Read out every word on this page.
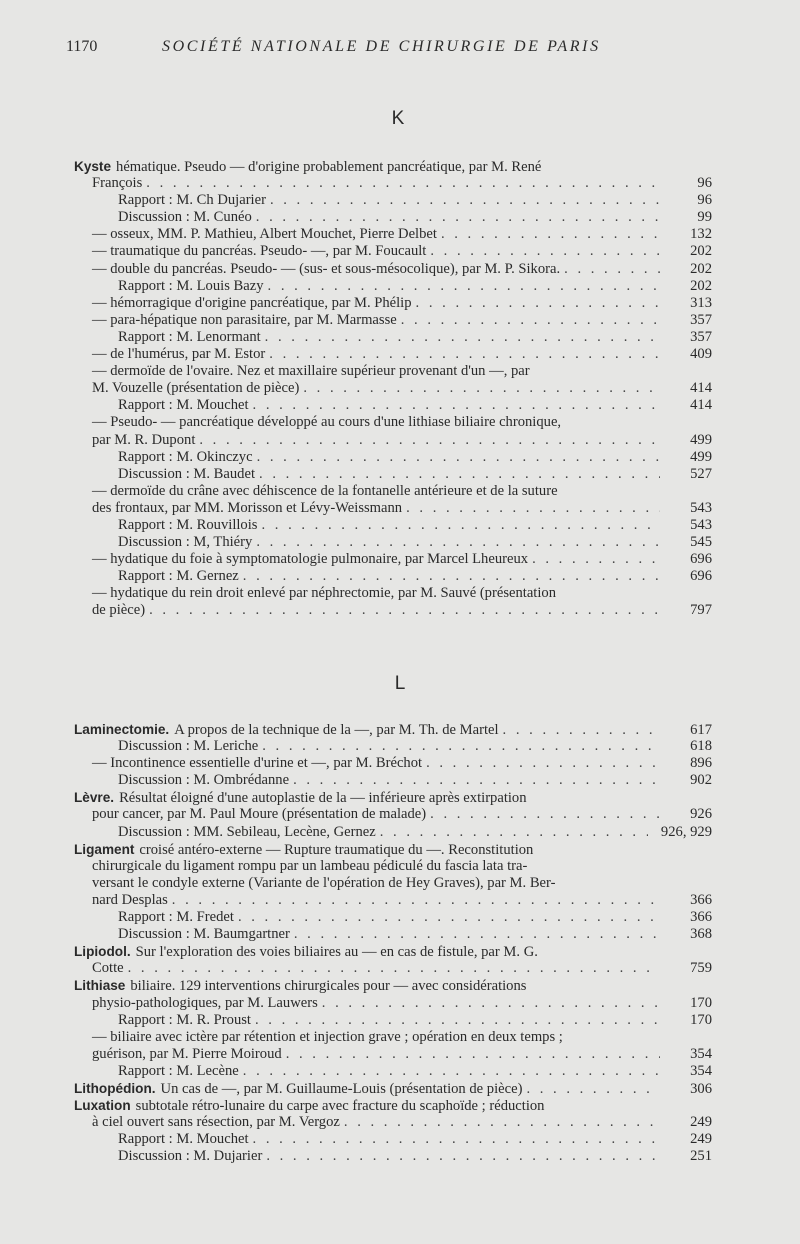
1170	SOCIÉTÉ NATIONALE DE CHIRURGIE DE PARIS
K
Kyste hématique. Pseudo — d'origine probablement pancréatique, par M. René
François . . .	96
Rapport : M. Ch Dujarier . . .	96
Discussion : M. Cunéo . . .	99
— osseux, MM. P. Mathieu, Albert Mouchet, Pierre Delbet . . .	132
— traumatique du pancréas. Pseudo- —, par M. Foucault . . .	202
— double du pancréas. Pseudo- — (sus- et sous-mésocolique), par M. P. Sikora. . . .	202
Rapport : M. Louis Bazy . . .	202
— hémorragique d'origine pancréatique, par M. Phélip . . .	313
— para-hépatique non parasitaire, par M. Marmasse . . .	357
Rapport : M. Lenormant . . .	357
— de l'humérus, par M. Estor . . .	409
— dermoïde de l'ovaire. Nez et maxillaire supérieur provenant d'un —, par
M. Vouzelle (présentation de pièce) . . .	414
Rapport : M. Mouchet . . .	414
— Pseudo- — pancréatique développé au cours d'une lithiase biliaire chronique,
par M. R. Dupont . . .	499
Rapport : M. Okinczyc . . .	499
Discussion : M. Baudet . . .	527
— dermoïde du crâne avec déhiscence de la fontanelle antérieure et de la suture
des frontaux, par MM. Morisson et Lévy-Weissmann . . .	543
Rapport : M. Rouvillois . . .	543
Discussion : M, Thiéry . . .	545
— hydatique du foie à symptomatologie pulmonaire, par Marcel Lheureux . . .	696
Rapport : M. Gernez . . .	696
— hydatique du rein droit enlevé par néphrectomie, par M. Sauvé (présentation
de pièce) . . .	797
L
Laminectomie. A propos de la technique de la —, par M. Th. de Martel . . .	617
Discussion : M. Leriche . . .	618
— Incontinence essentielle d'urine et —, par M. Bréchot . . .	896
Discussion : M. Ombrédanne . . .	902
Lèvre. Résultat éloigné d'une autoplastie de la — inférieure après extirpation
pour cancer, par M. Paul Moure (présentation de malade) . . .	926
Discussion : MM. Sebileau, Lecène, Gernez . . .	926, 929
Ligament croisé antéro-externe — Rupture traumatique du —. Reconstitution
chirurgicale du ligament rompu par un lambeau pédiculé du fascia lata tra-
versant le condyle externe (Variante de l'opération de Hey Graves), par M. Ber-
nard Desplas . . .	366
Rapport : M. Fredet . . .	366
Discussion : M. Baumgartner . . .	368
Lipiodol. Sur l'exploration des voies biliaires au — en cas de fistule, par M. G.
Cotte . . .	759
Lithiase biliaire. 129 interventions chirurgicales pour — avec considérations
physio-pathologiques, par M. Lauwers . . .	170
Rapport : M. R. Proust . . .	170
— biliaire avec ictère par rétention et injection grave ; opération en deux temps ;
guérison, par M. Pierre Moiroud . . .	354
Rapport : M. Lecène . . .	354
Lithopédion. Un cas de —, par M. Guillaume-Louis (présentation de pièce) . . .	306
Luxation subtotale rétro-lunaire du carpe avec fracture du scaphoïde ; réduction
à ciel ouvert sans résection, par M. Vergoz . . .	249
Rapport : M. Mouchet . . .	249
Discussion : M. Dujarier . . .	251
